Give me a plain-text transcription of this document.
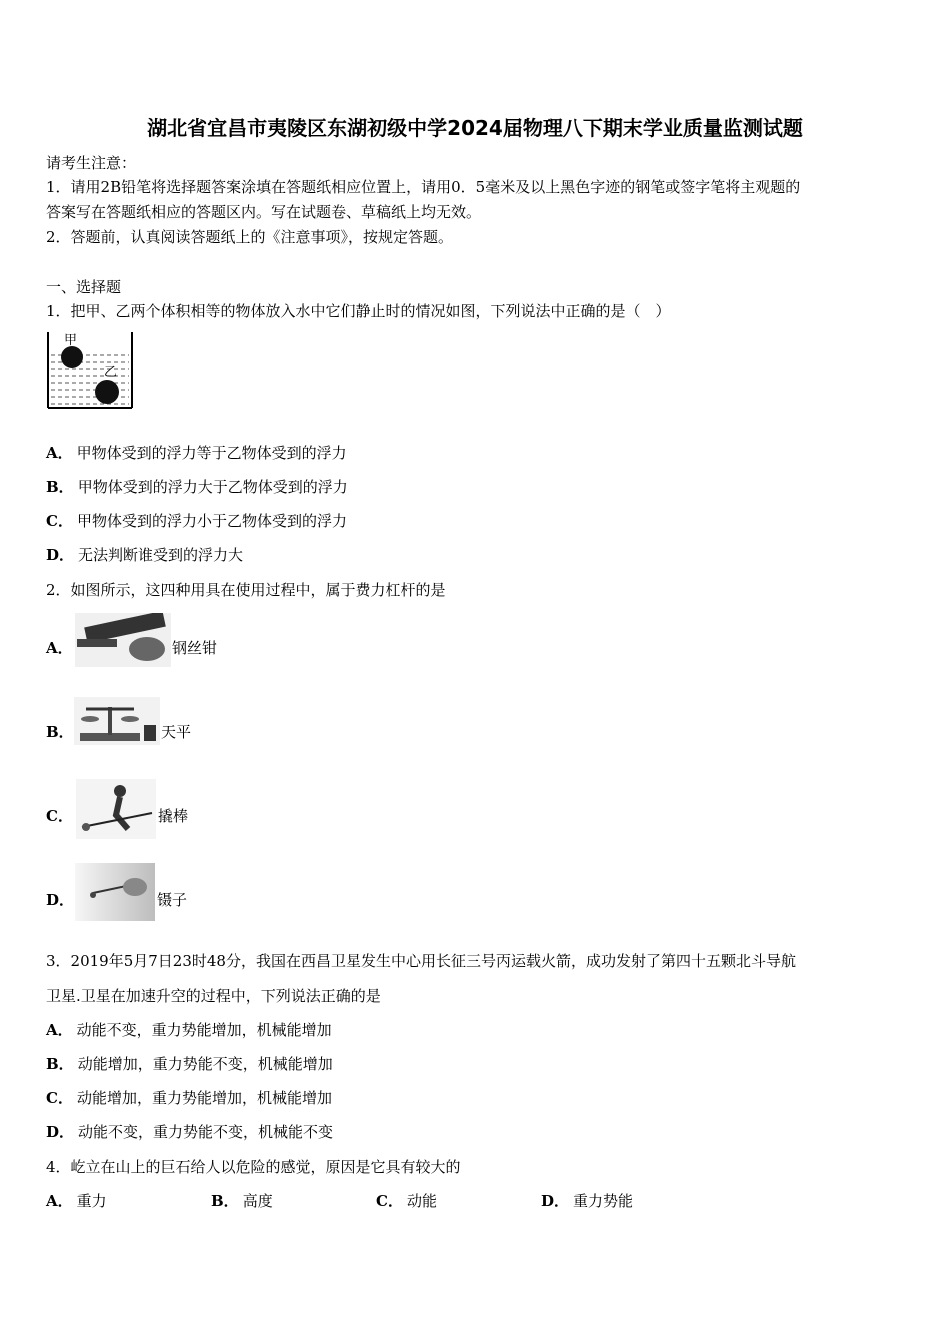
湖北省宜昌市夷陵区东湖初级中学2024届物理八下期末学业质量监测试题
请考生注意：
1．请用2B铅笔将选择题答案涂填在答题纸相应位置上，请用0．5毫米及以上黑色字迹的钢笔或签字笔将主观题的
答案写在答题纸相应的答题区内。写在试题卷、草稿纸上均无效。
2．答题前，认真阅读答题纸上的《注意事项》，按规定答题。
一、选择题
1．把甲、乙两个体积相等的物体放入水中它们静止时的情况如图，下列说法中正确的是（　）
甲
乙
A． 甲物体受到的浮力等于乙物体受到的浮力
B． 甲物体受到的浮力大于乙物体受到的浮力
C． 甲物体受到的浮力小于乙物体受到的浮力
D． 无法判断谁受到的浮力大
2．如图所示，这四种用具在使用过程中，属于费力杠杆的是
A．	钢丝钳
B．	天平
C．	撬棒
D．	镊子
3．2019年5月7日23时48分，我国在西昌卫星发生中心用长征三号丙运载火箭，成功发射了第四十五颗北斗导航
卫星.卫星在加速升空的过程中，下列说法正确的是
A． 动能不变，重力势能增加，机械能增加
B． 动能增加，重力势能不变，机械能增加
C． 动能增加，重力势能增加，机械能增加
D． 动能不变，重力势能不变，机械能不变
4．屹立在山上的巨石给人以危险的感觉，原因是它具有较大的
A． 重力	B． 高度	C． 动能	D． 重力势能
